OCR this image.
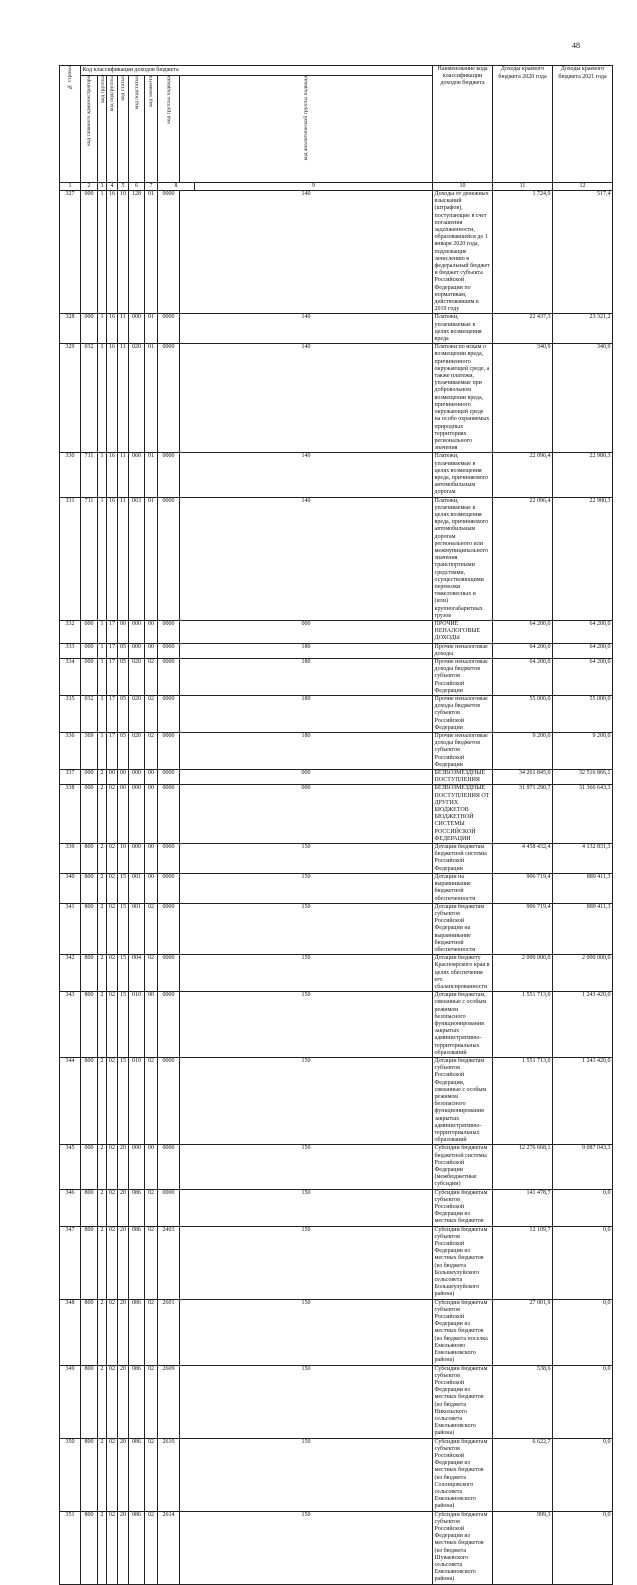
48
№ строки	Код классификации доходов бюджета									Наименование кода классификации доходов бюджета	Доходы краевого бюджета 2020 года	Доходы краевого бюджета 2021 года	

	код главного администратора	код группы	код подгруппы	код статьи	код подстатьи	код элемента	код группы подвида	код аналитической группы подвида					

1	2	3	4	5	6	7	8		9	10	11	12	
327	000	1	16	10	128	01	0000	140		Доходы от денежных взысканий (штрафов), поступающие в счет погашения задолженности, образовавшейся до 1 января 2020 года, подлежащие зачислению в федеральный бюджет и бюджет субъекта Российской Федерации по нормативам, действовавшим в 2019 году	1 724,9	517,4	
328	000	1	16	11	000	01	0000	140		Платежи, уплачиваемые в целях возмещения вреда	22 437,3	23 321,2	
329	032	1	16	11	020	01	0000	140		Платежи по искам о возмещении вреда, причиненного окружающей среде, а также платежи, уплачиваемые при добровольном возмещении вреда, причиненного окружающей среде на особо охраняемых природных территориях регионального значения	340,9	340,9	
330	711	1	16	11	060	01	0000	140		Платежи, уплачиваемые в целях возмещения вреда, причиняемого автомобильным дорогам	22 096,4	22 980,3	
331	711	1	16	11	063	01	0000	140		Платежи, уплачиваемые в целях возмещения вреда, причиняемого автомобильным дорогам регионального или межмуниципального значения транспортными средствами, осуществляющими перевозки тяжеловесных и (или) крупногабаритных грузов	22 096,4	22 980,3	
332	000	1	17	00	000	00	0000	000		ПРОЧИЕ НЕНАЛОГОВЫЕ ДОХОДЫ	64 200,0	64 200,0	
333	000	1	17	05	000	00	0000	180		Прочие неналоговые доходы	64 200,0	64 200,0	
334	000	1	17	05	020	02	0000	180		Прочие неналоговые доходы бюджетов субъектов Российской Федерации	64 200,0	64 200,0	
335	032	1	17	05	020	02	0000	180		Прочие неналоговые доходы бюджетов субъектов Российской Федерации	55 000,0	55 000,0	
336	369	1	17	05	020	02	0000	180		Прочие неналоговые доходы бюджетов субъектов Российской Федерации	9 200,0	9 200,0	
337	000	2	00	00	000	00	0000	000		БЕЗВОЗМЕЗДНЫЕ ПОСТУПЛЕНИЯ	34 261 845,0	32 516 866,1	
338	000	2	02	00	000	00	0000	000		БЕЗВОЗМЕЗДНЫЕ ПОСТУПЛЕНИЯ ОТ ДРУГИХ БЮДЖЕТОВ БЮДЖЕТНОЙ СИСТЕМЫ РОССИЙСКОЙ ФЕДЕРАЦИИ	31 971 290,7	31 366 643,3	
339	800	2	02	10	000	00	0000	150		Дотации бюджетам бюджетной системы Российской Федерации	4 458 432,4	4 132 831,3	
340	800	2	02	15	001	00	0000	150		Дотации на выравнивание бюджетной обеспеченности	906 719,4	889 411,3	
341	800	2	02	15	001	02	0000	150		Дотации бюджетам субъектов Российской Федерации на выравнивание бюджетной обеспеченности	906 719,4	889 411,3	
342	800	2	02	15	004	02	0000	150		Дотации бюджету Красноярского края в целях обеспечения его сбалансированности	2 000 000,0	2 000 000,0	
343	800	2	02	15	010	00	0000	150		Дотации бюджетам, связанные с особым режимом безопасного функционирования закрытых административно-территориальных образований	1 551 713,0	1 243 420,0	
344	800	2	02	15	010	02	0000	150		Дотации бюджетам субъектов Российской Федерации, связанные с особым режимом безопасного функционирования закрытых административно-территориальных образований	1 551 713,0	1 243 420,0	
345	000	2	02	20	000	00	0000	150		Субсидии бюджетам бюджетной системы Российской Федерации (межбюджетные субсидии)	12 276 668,1	9 087 043,3	
346	800	2	02	20	086	02	0000	150		Субсидии бюджетам субъектов Российской Федерации из местных бюджетов	141 478,7	0,0	
347	800	2	02	20	086	02	2403	150		Субсидии бюджетам субъектов Российской Федерации из местных бюджетов (из бюджета Большеулуйского сельсовета Большеулуйского района)	12 109,7	0,0	
348	800	2	02	20	086	02	2601	150		Субсидии бюджетам субъектов Российской Федерации из местных бюджетов (из бюджета поселка Емельяново Емельяновского района)	27 001,9	0,0	
349	800	2	02	20	086	02	2609	150		Субсидии бюджетам субъектов Российской Федерации из местных бюджетов (из бюджета Никольского сельсовета Емельяновского района)	538,6	0,0	
350	800	2	02	20	086	02	2610	150		Субсидии бюджетам субъектов Российской Федерации из местных бюджетов (из бюджета Солонцовского сельсовета Емельяновского района)	6 622,7	0,0	
351	800	2	02	20	086	02	2614	150		Субсидии бюджетам субъектов Российской Федерации из местных бюджетов (из бюджета Шуваевского сельсовета Емельяновского района)	999,3	0,0	
